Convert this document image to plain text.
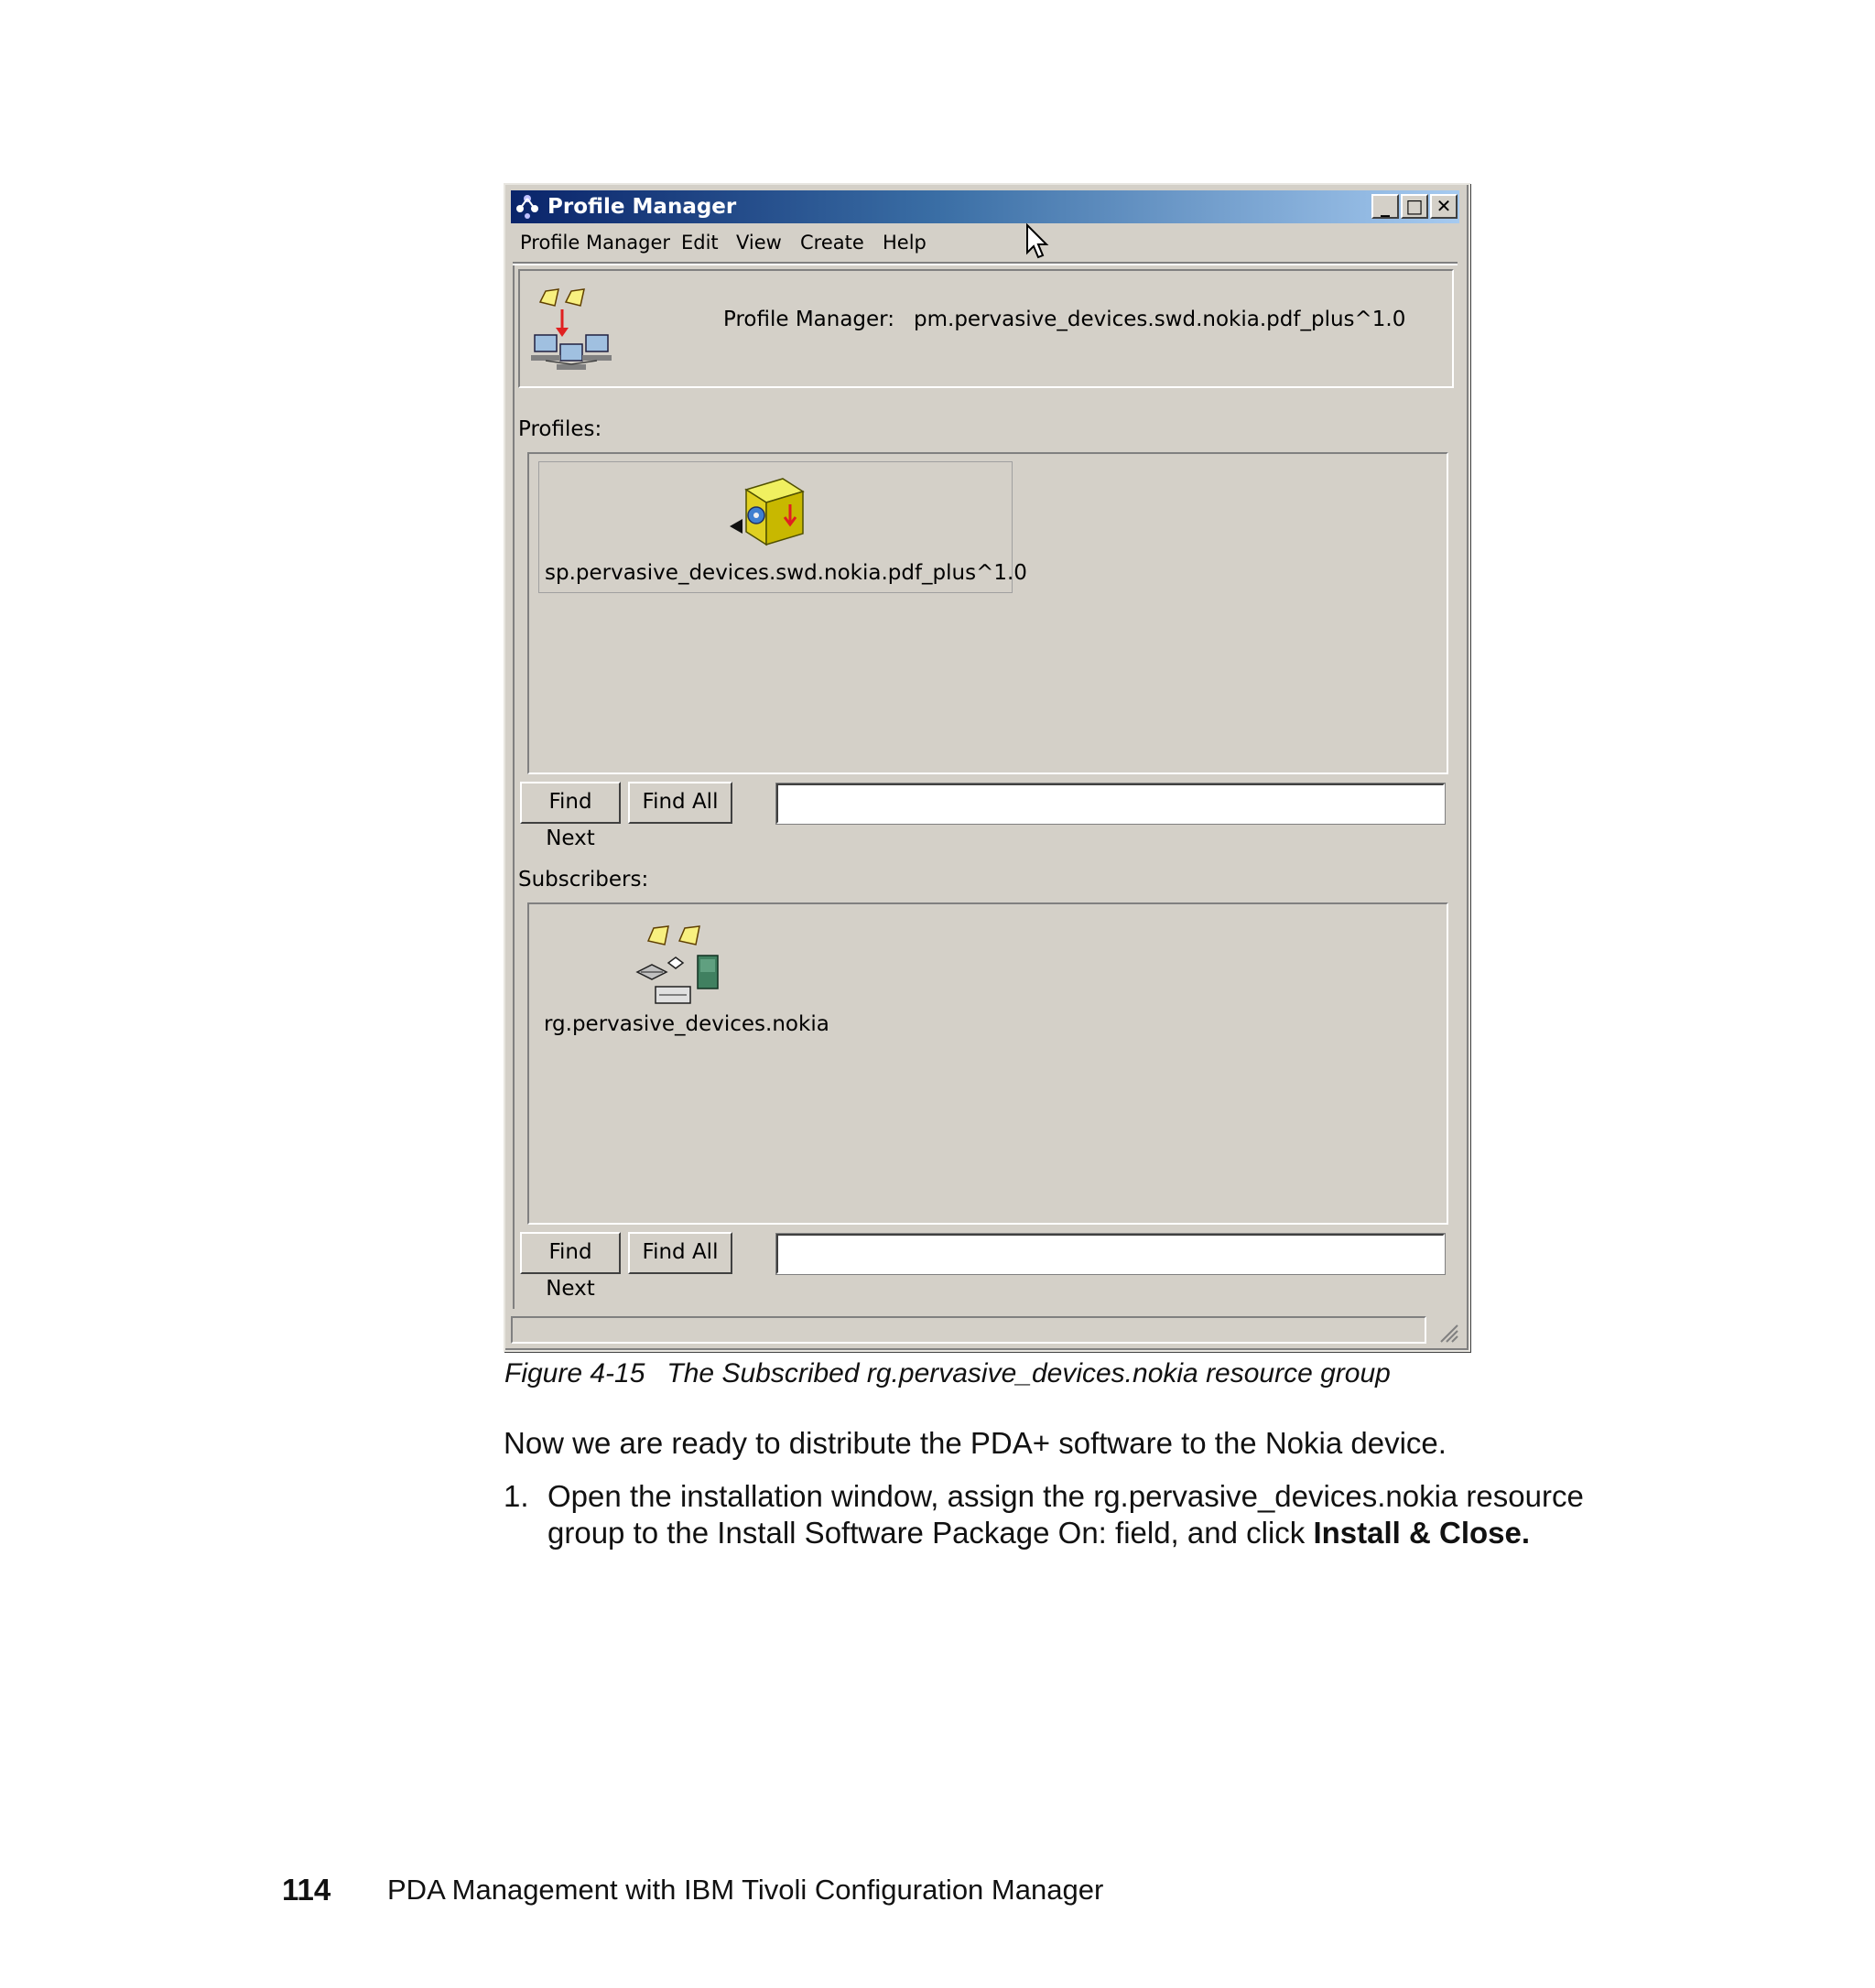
Profile Manager	_ □ ✕
Profile Manager Edit View Create Help
Profile Manager: pm.pervasive_devices.swd.nokia.pdf_plus^1.0
Profiles:
sp.pervasive_devices.swd.nokia.pdf_plus^1.0
Find Next
Find All
Subscribers:
rg.pervasive_devices.nokia
Find Next
Find All
Figure 4-15 The Subscribed rg.pervasive_devices.nokia resource group
Now we are ready to distribute the PDA+ software to the Nokia device.
1. Open the installation window, assign the rg.pervasive_devices.nokia resource
group to the Install Software Package On: field, and click Install & Close.
114 PDA Management with IBM Tivoli Configuration Manager
